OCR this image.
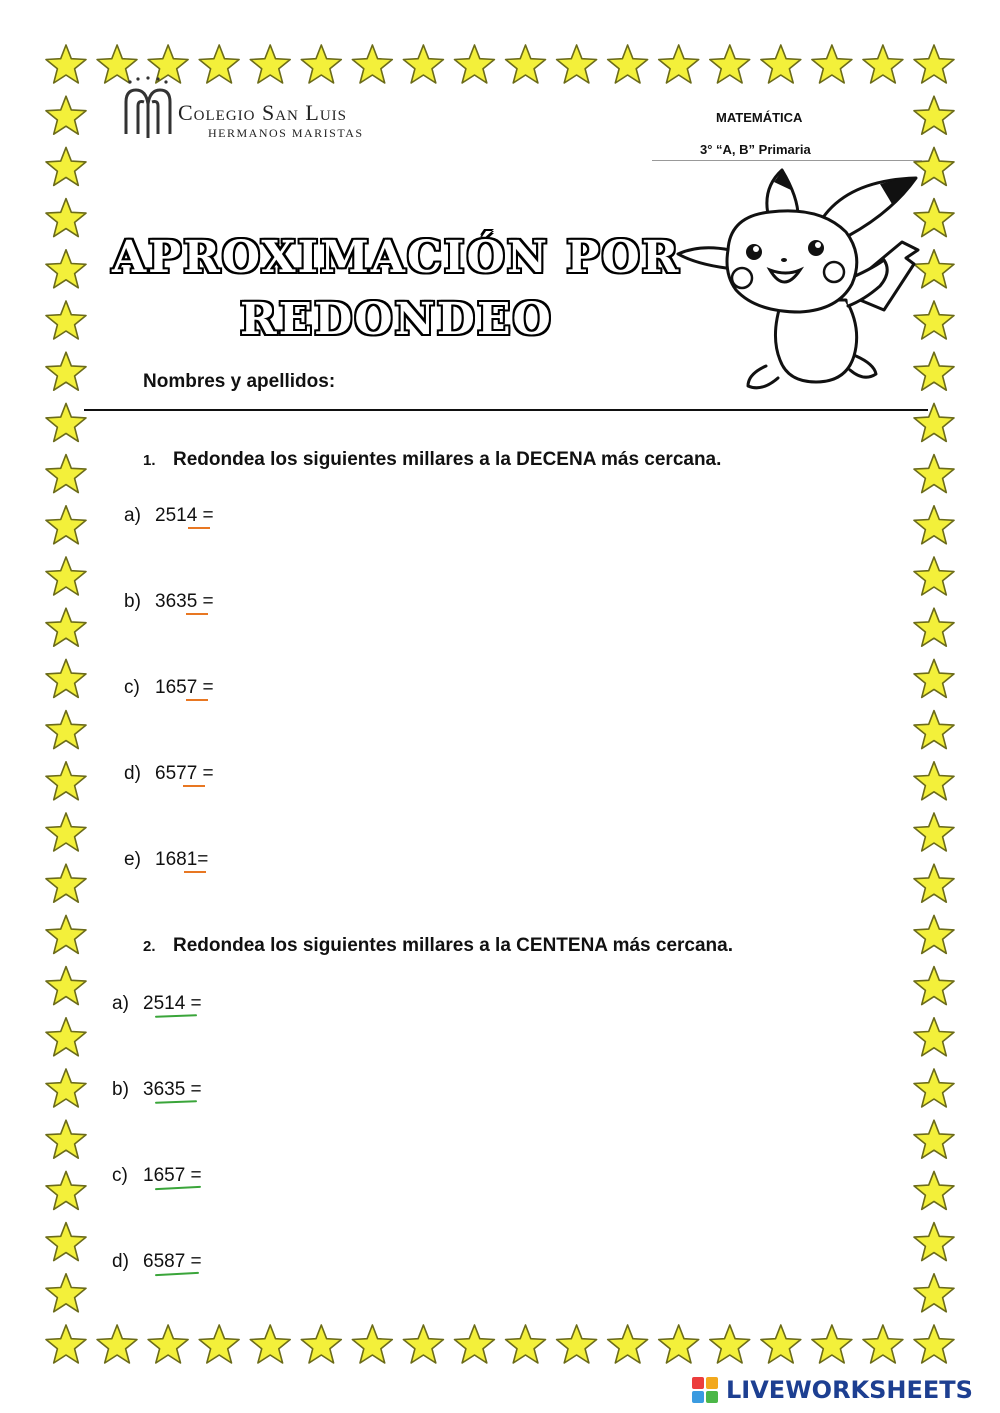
Colegio San Luis
HERMANOS MARISTAS
MATEMÁTICA
3° “A, B” Primaria
APROXIMACIÓN POR
REDONDEO
Nombres y apellidos:
1. Redondea los siguientes millares a la DECENA más cercana.
a) 2514 =
b) 3635 =
c) 1657 =
d) 6577 =
e) 1681=
2. Redondea los siguientes millares a la CENTENA más cercana.
a) 2514 =
b) 3635 =
c) 1657 =
d) 6587 =
LIVEWORKSHEETS
